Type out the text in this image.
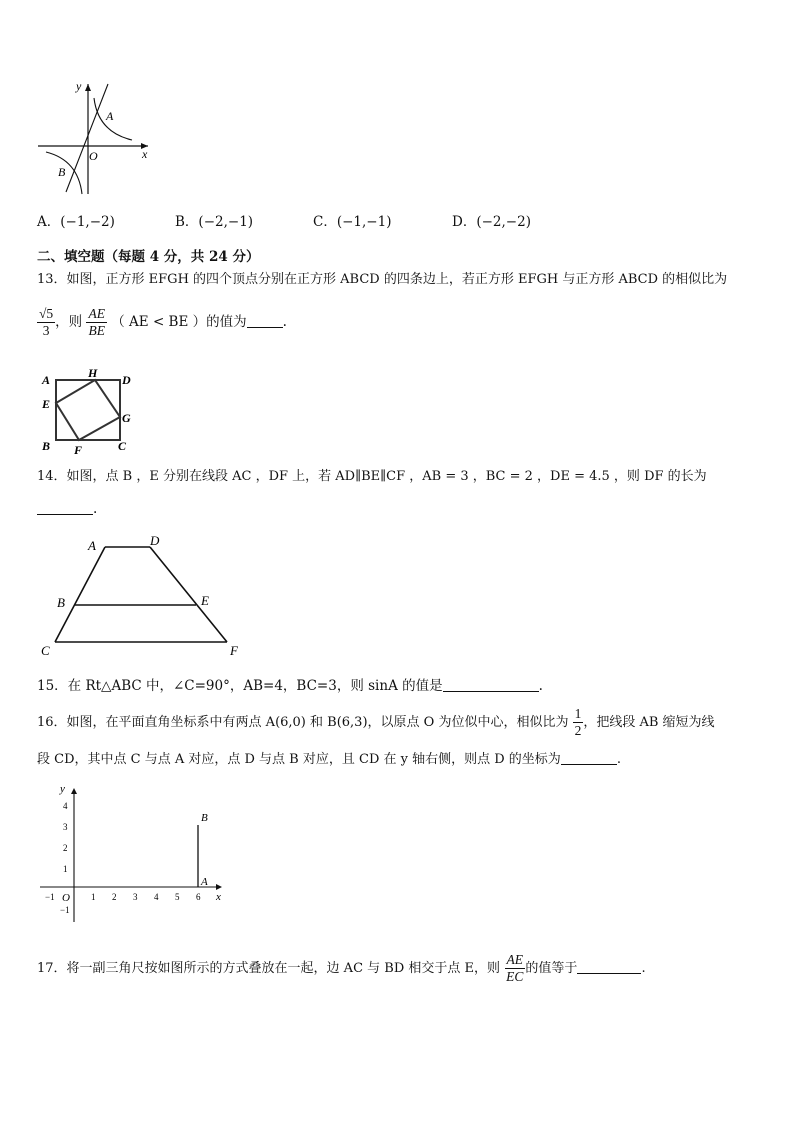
y
x
O
A
B
A．(−1,−2)	B．(−2,−1)	C．(−1,−1)	D．(−2,−2)
二、填空题（每题 4 分，共 24 分）
13．如图，正方形 EFGH 的四个顶点分别在正方形 ABCD 的四条边上，若正方形 EFGH 与正方形 ABCD 的相似比为
$\frac{√5}{3}$ ，则 $\frac{AE}{BE}$ （ AE < BE ）的值为	.
A	H D
E
G
B F	C
14．如图，点 B ，E 分别在线段 AC ，DF 上，若 AD∥BE∥CF ，AB = 3 ，BC = 2 ，DE = 4.5 ，则 DF 的长为
.
A	D
B	E
C	F
15．在 Rt△ABC 中，∠C=90°，AB=4，BC=3，则 sinA 的值是	.
16．如图，在平面直角坐标系中有两点 A(6,0) 和 B(6,3)，以原点 O 为位似中心，相似比为 $\frac{1}{2}$ ，把线段 AB 缩短为线
段 CD，其中点 C 与点 A 对应，点 D 与点 B 对应，且 CD 在 y 轴右侧，则点 D 的坐标为	.
y
x
O
4
3
2
1
−1
−1	1 2 3 4 5 6
B
A
17．将一副三角尺按如图所示的方式叠放在一起，边 AC 与 BD 相交于点 E，则 $\frac{AE}{EC}$ 的值等于	.
